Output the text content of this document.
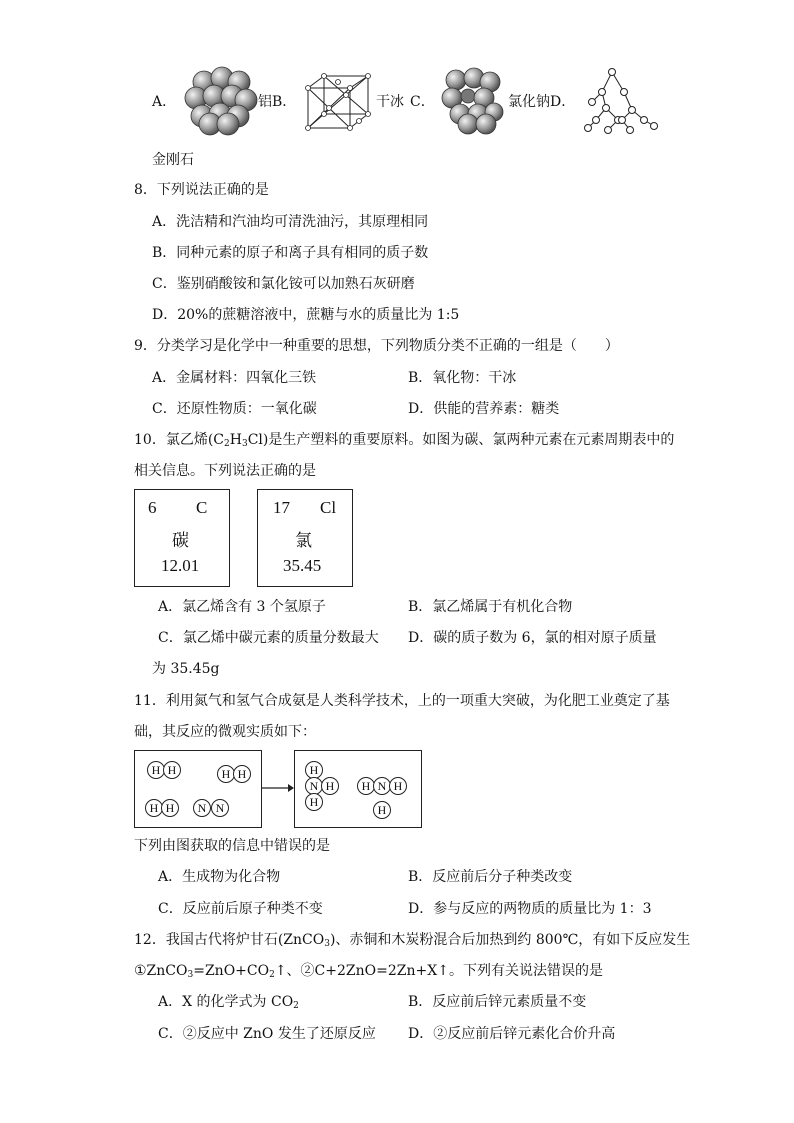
A．	铝 B．	干冰 C．	氯化钠 D．
金刚石
8．下列说法正确的是
A．洗洁精和汽油均可清洗油污，其原理相同
B．同种元素的原子和离子具有相同的质子数
C．鉴别硝酸铵和氯化铵可以加熟石灰研磨
D．20%的蔗糖溶液中，蔗糖与水的质量比为 1:5
9．分类学习是化学中一种重要的思想，下列物质分类不正确的一组是（　　）
A．金属材料：四氧化三铁	B．氧化物：干冰
C．还原性物质：一氧化碳	D．供能的营养素：糖类
10．氯乙烯$(C_2H_3Cl)$是生产塑料的重要原料。如图为碳、氯两种元素在元素周期表中的
相关信息。下列说法正确的是
6 C
碳
12.01
17 Cl
氯
35.45
A．氯乙烯含有 3 个氢原子	B．氯乙烯属于有机化合物
C．氯乙烯中碳元素的质量分数最大 D．碳的质子数为 6，氯的相对原子质量
为 35.45g
11．利用氮气和氢气合成氨是人类科学技术，上的一项重大突破，为化肥工业奠定了基
础，其反应的微观实质如下：
H H	H H
H H	N N
H
N H
H
H N H
H
下列由图获取的信息中错误的是
A．生成物为化合物	B．反应前后分子种类改变
C．反应前后原子种类不变	D．参与反应的两物质的质量比为 1：3
12．我国古代将炉甘石(ZnCO$_3$)、赤铜和木炭粉混合后加热到约 800℃，有如下反应发生
$①ZnCO_3=ZnO+CO_2↑$、②C+2ZnO=2Zn+X↑。下列有关说法错误的是
A．X 的化学式为 $CO_2$	B．反应前后锌元素质量不变
C．②反应中 ZnO 发生了还原反应 D．②反应前后锌元素化合价升高
